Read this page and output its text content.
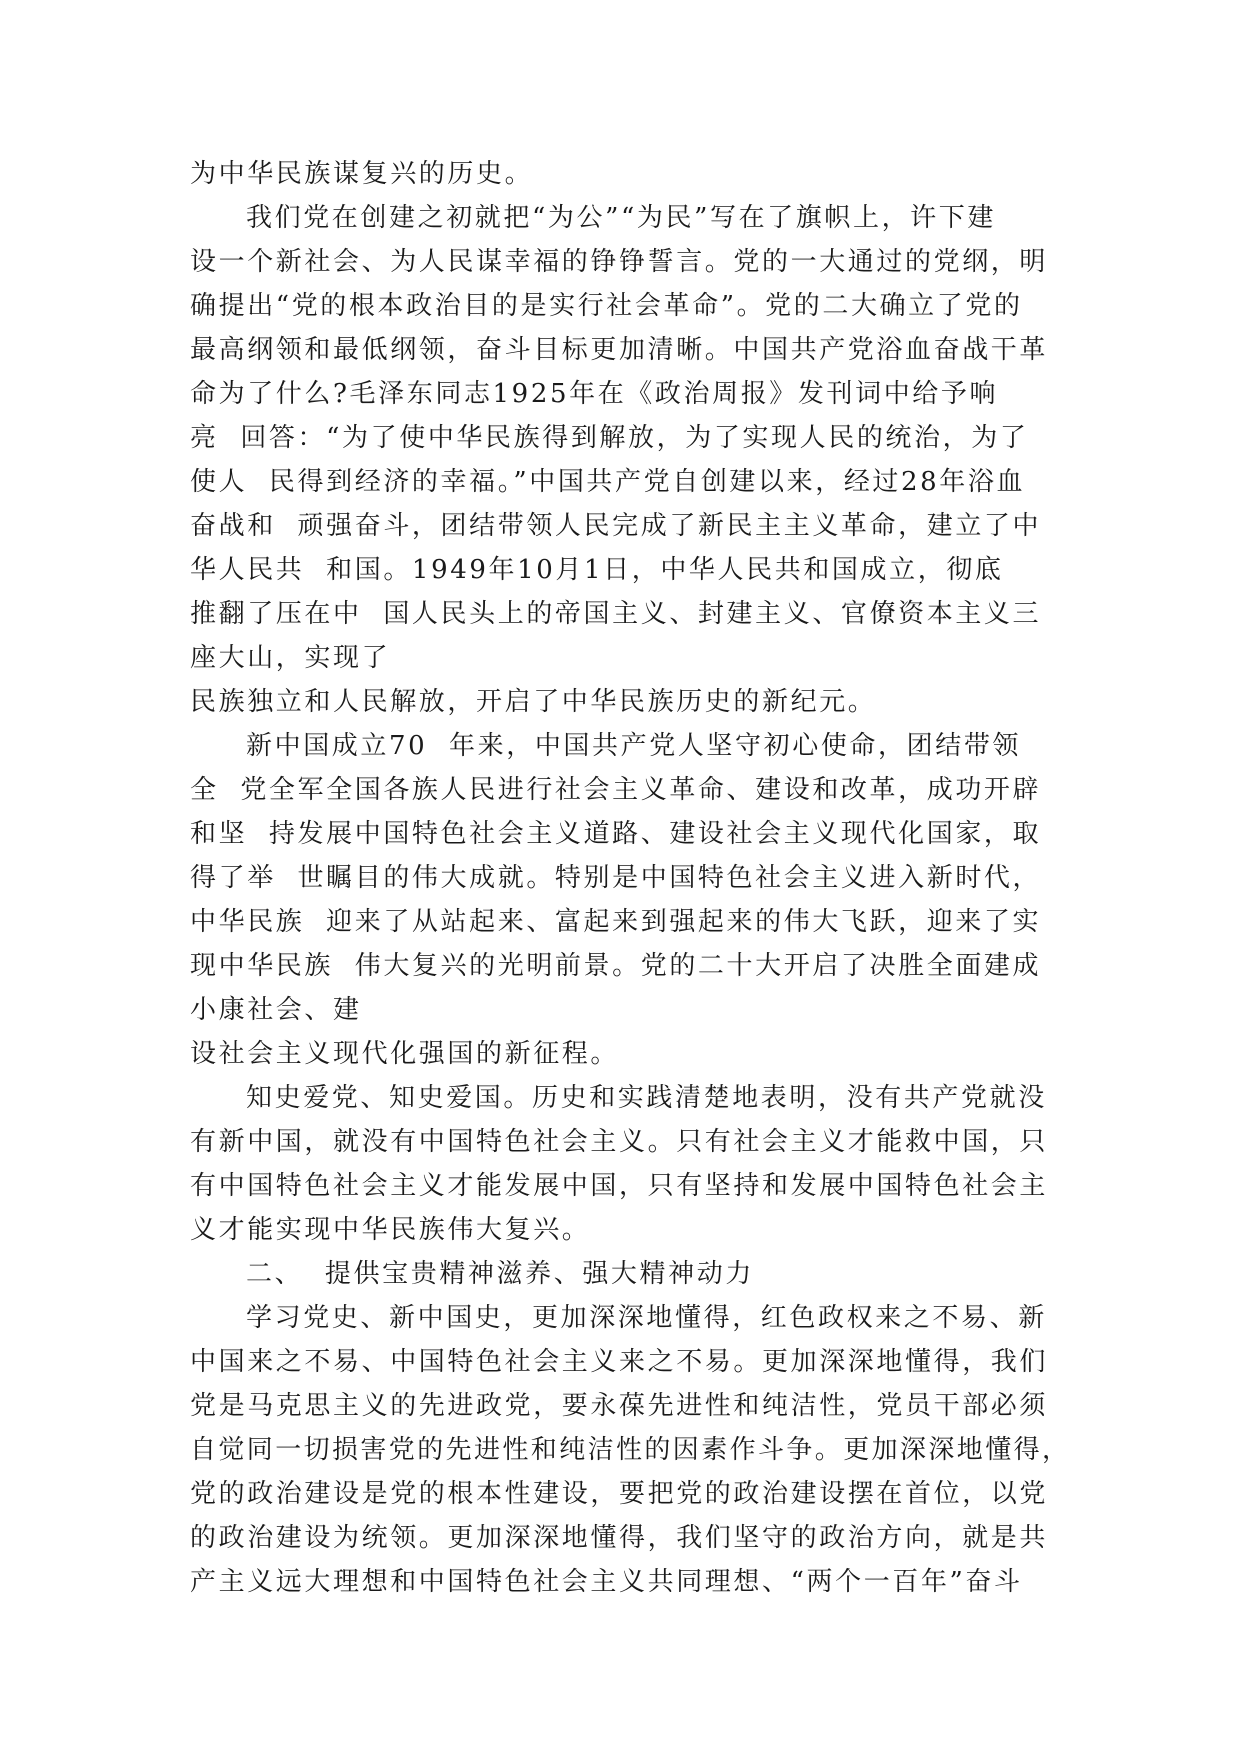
为中华民族谋复兴的历史。
我们党在创建之初就把“为公”“为民”写在了旗帜上，许下建
设一个新社会、为人民谋幸福的铮铮誓言。党的一大通过的党纲，明
确提出“党的根本政治目的是实行社会革命”。党的二大确立了党的
最高纲领和最低纲领，奋斗目标更加清晰。中国共产党浴血奋战干革
命为了什么?毛泽东同志1925年在《政治周报》发刊词中给予响
亮  回答：“为了使中华民族得到解放，为了实现人民的统治，为了
使人  民得到经济的幸福。”中国共产党自创建以来，经过28年浴血
奋战和  顽强奋斗，团结带领人民完成了新民主主义革命，建立了中
华人民共  和国。1949年10月1日，中华人民共和国成立，彻底
推翻了压在中  国人民头上的帝国主义、封建主义、官僚资本主义三
座大山，实现了
民族独立和人民解放，开启了中华民族历史的新纪元。
新中国成立70  年来，中国共产党人坚守初心使命，团结带领
全  党全军全国各族人民进行社会主义革命、建设和改革，成功开辟
和坚  持发展中国特色社会主义道路、建设社会主义现代化国家，取
得了举  世瞩目的伟大成就。特别是中国特色社会主义进入新时代，
中华民族  迎来了从站起来、富起来到强起来的伟大飞跃，迎来了实
现中华民族  伟大复兴的光明前景。党的二十大开启了决胜全面建成
小康社会、建
设社会主义现代化强国的新征程。
知史爱党、知史爱国。历史和实践清楚地表明，没有共产党就没
有新中国，就没有中国特色社会主义。只有社会主义才能救中国，只
有中国特色社会主义才能发展中国，只有坚持和发展中国特色社会主
义才能实现中华民族伟大复兴。
二、  提供宝贵精神滋养、强大精神动力
学习党史、新中国史，更加深深地懂得，红色政权来之不易、新
中国来之不易、中国特色社会主义来之不易。更加深深地懂得，我们
党是马克思主义的先进政党，要永葆先进性和纯洁性，党员干部必须
自觉同一切损害党的先进性和纯洁性的因素作斗争。更加深深地懂得，
党的政治建设是党的根本性建设，要把党的政治建设摆在首位，以党
的政治建设为统领。更加深深地懂得，我们坚守的政治方向，就是共
产主义远大理想和中国特色社会主义共同理想、“两个一百年”奋斗
